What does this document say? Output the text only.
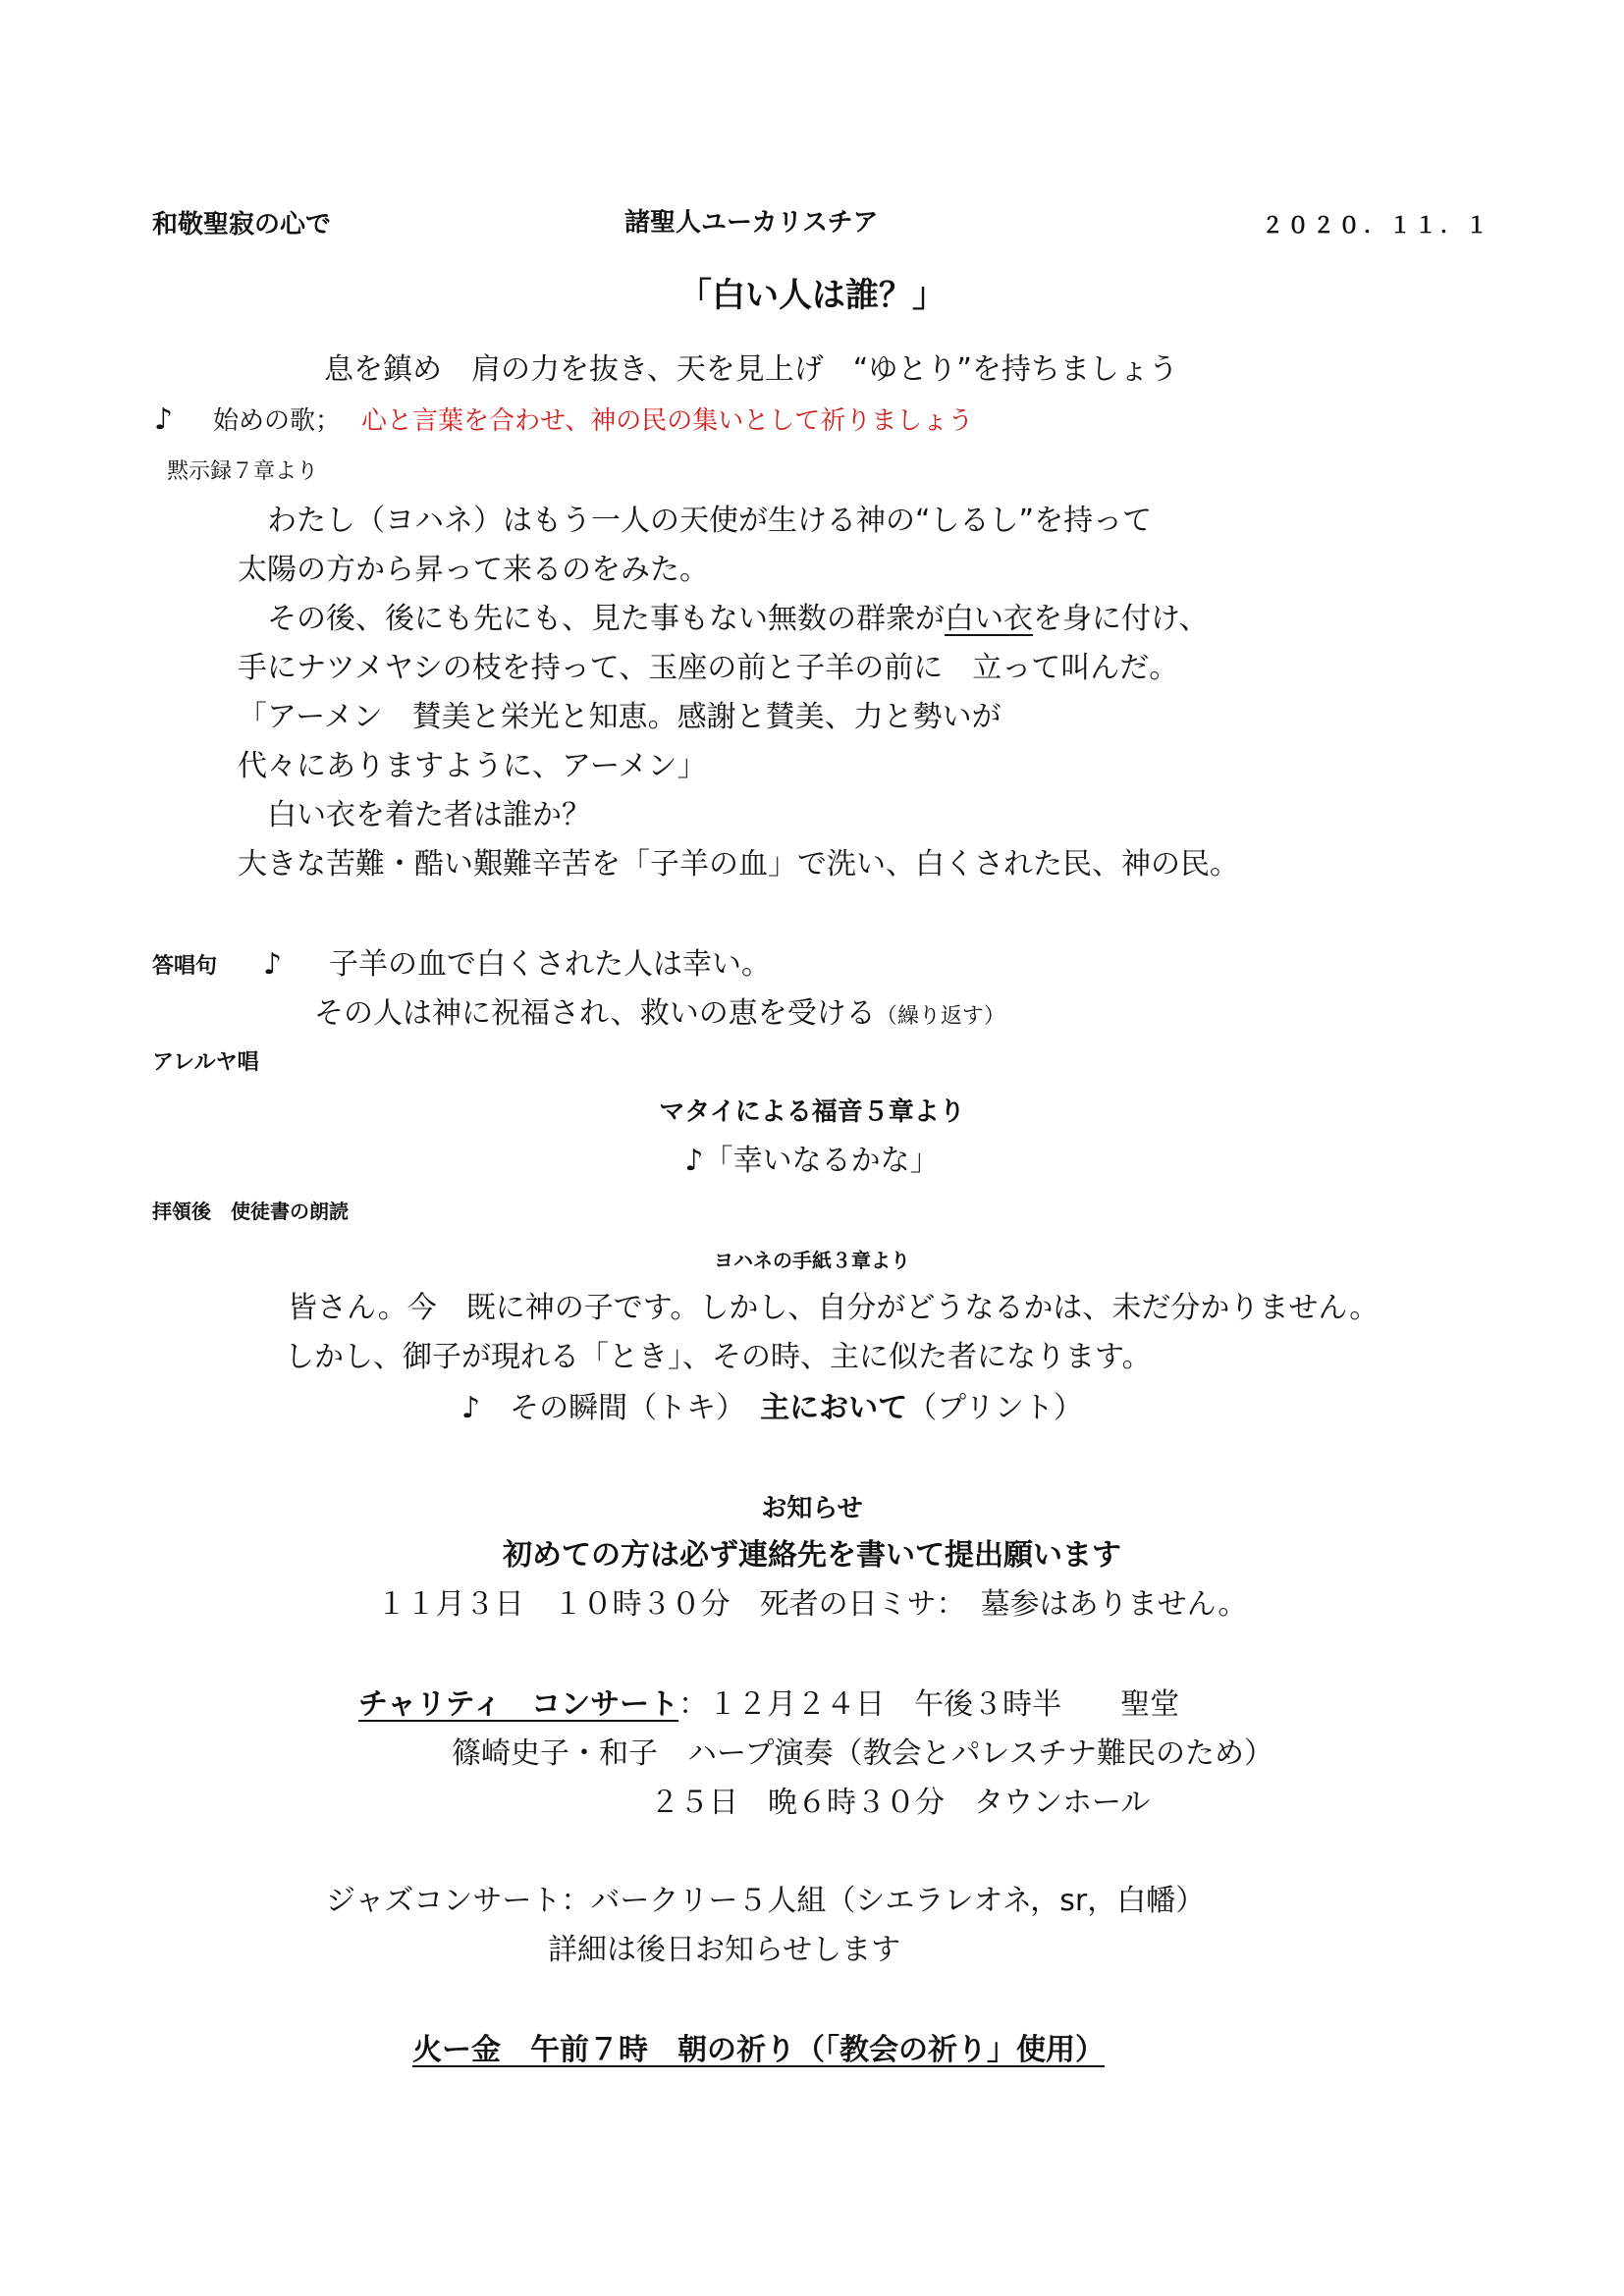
和敬聖寂の心で	諸聖人ユーカリスチア	２０２０．１１．１
「白い人は誰？」
息を鎮め　肩の力を抜き、天を見上げ　“ゆとり”を持ちましょう
♪ 始めの歌； 心と言葉を合わせ、神の民の集いとして祈りましょう
黙示録７章より
わたし（ヨハネ）はもう一人の天使が生ける神の“しるし”を持って
太陽の方から昇って来るのをみた。
その後、後にも先にも、見た事もない無数の群衆が白い衣を身に付け、
手にナツメヤシの枝を持って、玉座の前と子羊の前に　立って叫んだ。
「アーメン　賛美と栄光と知恵。感謝と賛美、力と勢いが
代々にありますように、アーメン」
白い衣を着た者は誰か？
大きな苦難・酷い艱難辛苦を「子羊の血」で洗い、白くされた民、神の民。
答唱句 ♪ 子羊の血で白くされた人は幸い。
その人は神に祝福され、救いの恵を受ける（繰り返す）
アレルヤ唱
マタイによる福音５章より
♪「幸いなるかな」
拝領後　使徒書の朗読
ヨハネの手紙３章より
皆さん。今　既に神の子です。しかし、自分がどうなるかは、未だ分かりません。
しかし、御子が現れる「とき」、その時、主に似た者になります。
♪　その瞬間（トキ）　 主において（プリント）
お知らせ
初めての方は必ず連絡先を書いて提出願います
１１月３日　１０時３０分　死者の日ミサ：　墓参はありません。
チャリティ　コンサート：１２月２４日　午後３時半　　聖堂
篠崎史子・和子　ハープ演奏（教会とパレスチナ難民のため）
２５日　晩６時３０分　タウンホール
ジャズコンサート：バークリー５人組（シエラレオネ，sr，白幡）
詳細は後日お知らせします
火ー金　午前７時　朝の祈り（「教会の祈り」使用）
